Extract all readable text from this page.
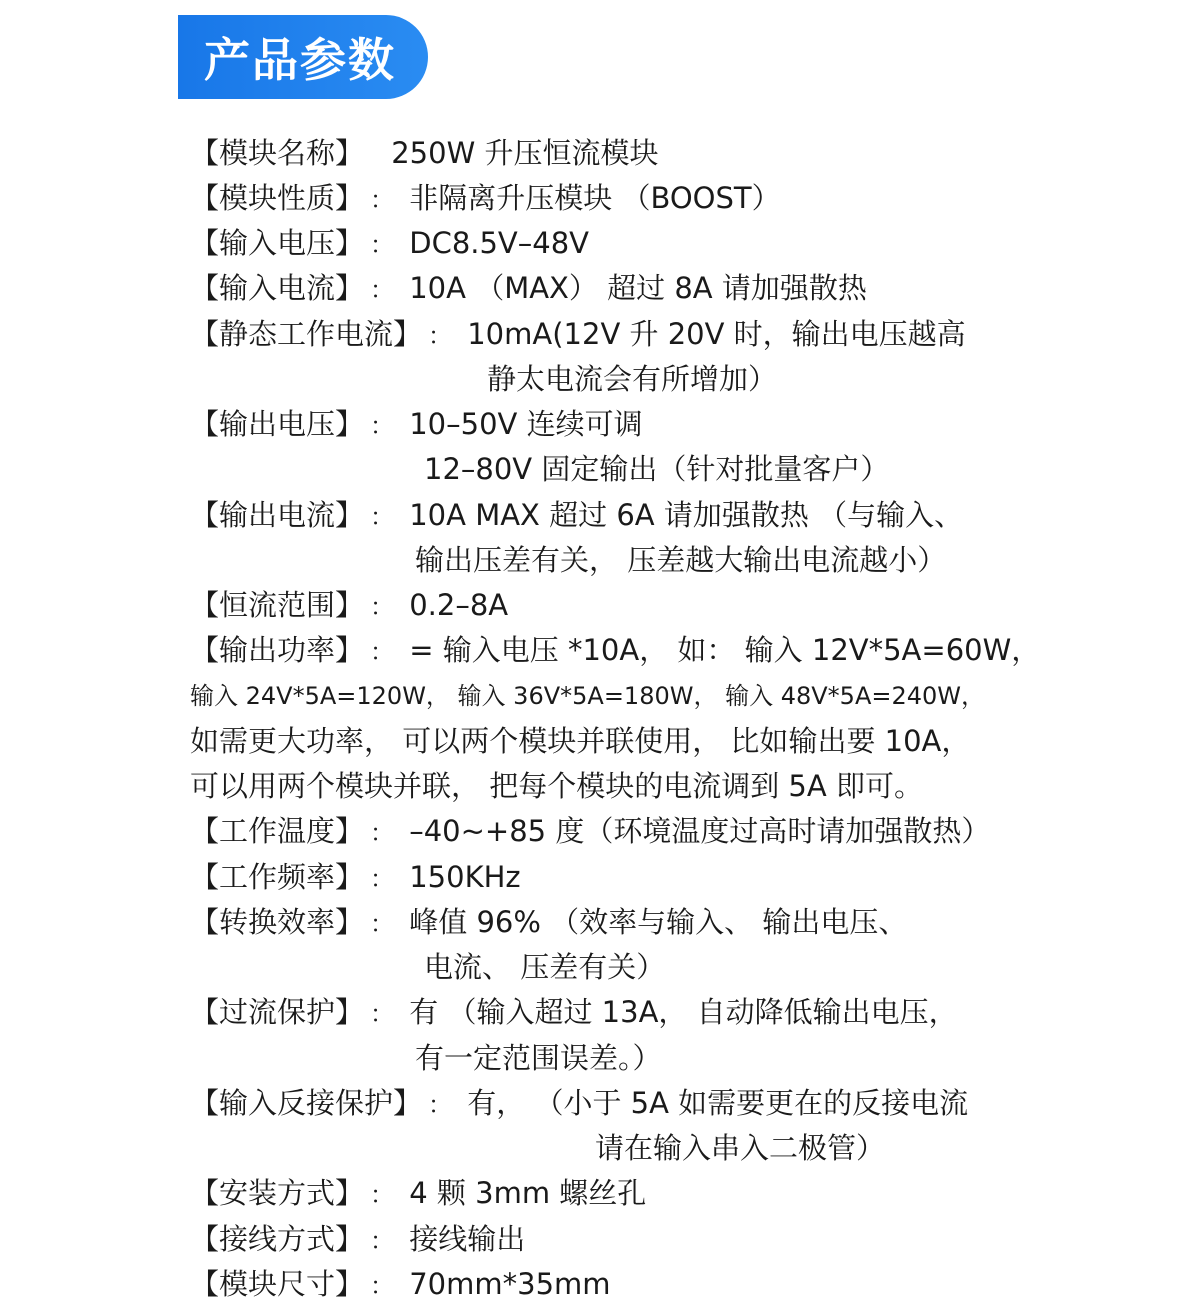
产品参数
【模块名称】 250W 升压恒流模块
【模块性质】 ： 非隔离升压模块 （BOOST）
【输入电压】 ： DC8.5V–48V
【输入电流】 ： 10A （MAX） 超过 8A 请加强散热
【静态工作电流】 ： 10mA(12V 升 20V 时，输出电压越高
静太电流会有所增加）
【输出电压】 ： 10–50V 连续可调
12–80V 固定输出（针对批量客户）
【输出电流】 ： 10A MAX 超过 6A 请加强散热 （与输入、
输出压差有关， 压差越大输出电流越小）
【恒流范围】 ： 0.2–8A
【输出功率】 ： = 输入电压 *10A， 如： 输入 12V*5A=60W，
输入 24V*5A=120W， 输入 36V*5A=180W， 输入 48V*5A=240W，
如需更大功率， 可以两个模块并联使用， 比如输出要 10A，
可以用两个模块并联， 把每个模块的电流调到 5A 即可。
【工作温度】 ： –40~+85 度（环境温度过高时请加强散热）
【工作频率】 ： 150KHz
【转换效率】 ： 峰值 96% （效率与输入、 输出电压、
电流、 压差有关）
【过流保护】 ： 有 （输入超过 13A， 自动降低输出电压，
有一定范围误差。）
【输入反接保护】 ： 有， （小于 5A 如需要更在的反接电流
请在输入串入二极管）
【安装方式】 ： 4 颗 3mm 螺丝孔
【接线方式】 ： 接线输出
【模块尺寸】 ： 70mm*35mm
